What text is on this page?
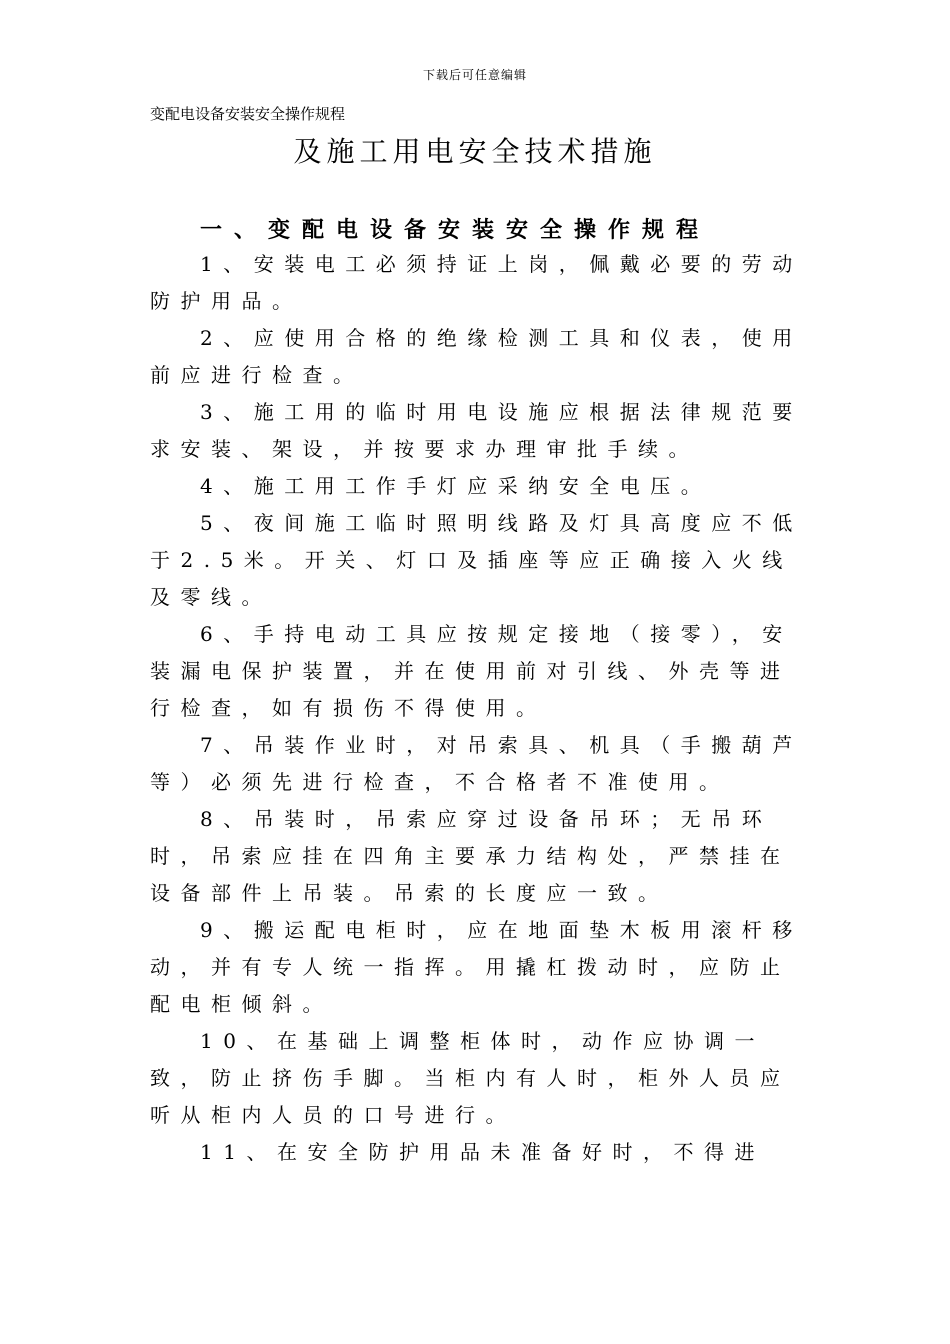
下载后可任意编辑
变配电设备安装安全操作规程
及施工用电安全技术措施
一、变配电设备安装安全操作规程

1、安装电工必须持证上岗，佩戴必要的劳动防护用品。

2、应使用合格的绝缘检测工具和仪表，使用前应进行检查。

3、施工用的临时用电设施应根据法律规范要求安装、架设，并按要求办理审批手续。

4、施工用工作手灯应采纳安全电压。

5、夜间施工临时照明线路及灯具高度应不低于2.5米。开关、灯口及插座等应正确接入火线及零线。

6、手持电动工具应按规定接地（接零），安装漏电保护装置，并在使用前对引线、外壳等进行检查，如有损伤不得使用。

7、吊装作业时，对吊索具、机具（手搬葫芦等）必须先进行检查，不合格者不准使用。

8、吊装时，吊索应穿过设备吊环；无吊环时，吊索应挂在四角主要承力结构处，严禁挂在设备部件上吊装。吊索的长度应一致。

9、搬运配电柜时，应在地面垫木板用滚杆移动，并有专人统一指挥。用撬杠拨动时，应防止配电柜倾斜。

10、在基础上调整柜体时，动作应协调一致，防止挤伤手脚。当柜内有人时，柜外人员应听从柜内人员的口号进行。

11、在安全防护用品未准备好时，不得进
